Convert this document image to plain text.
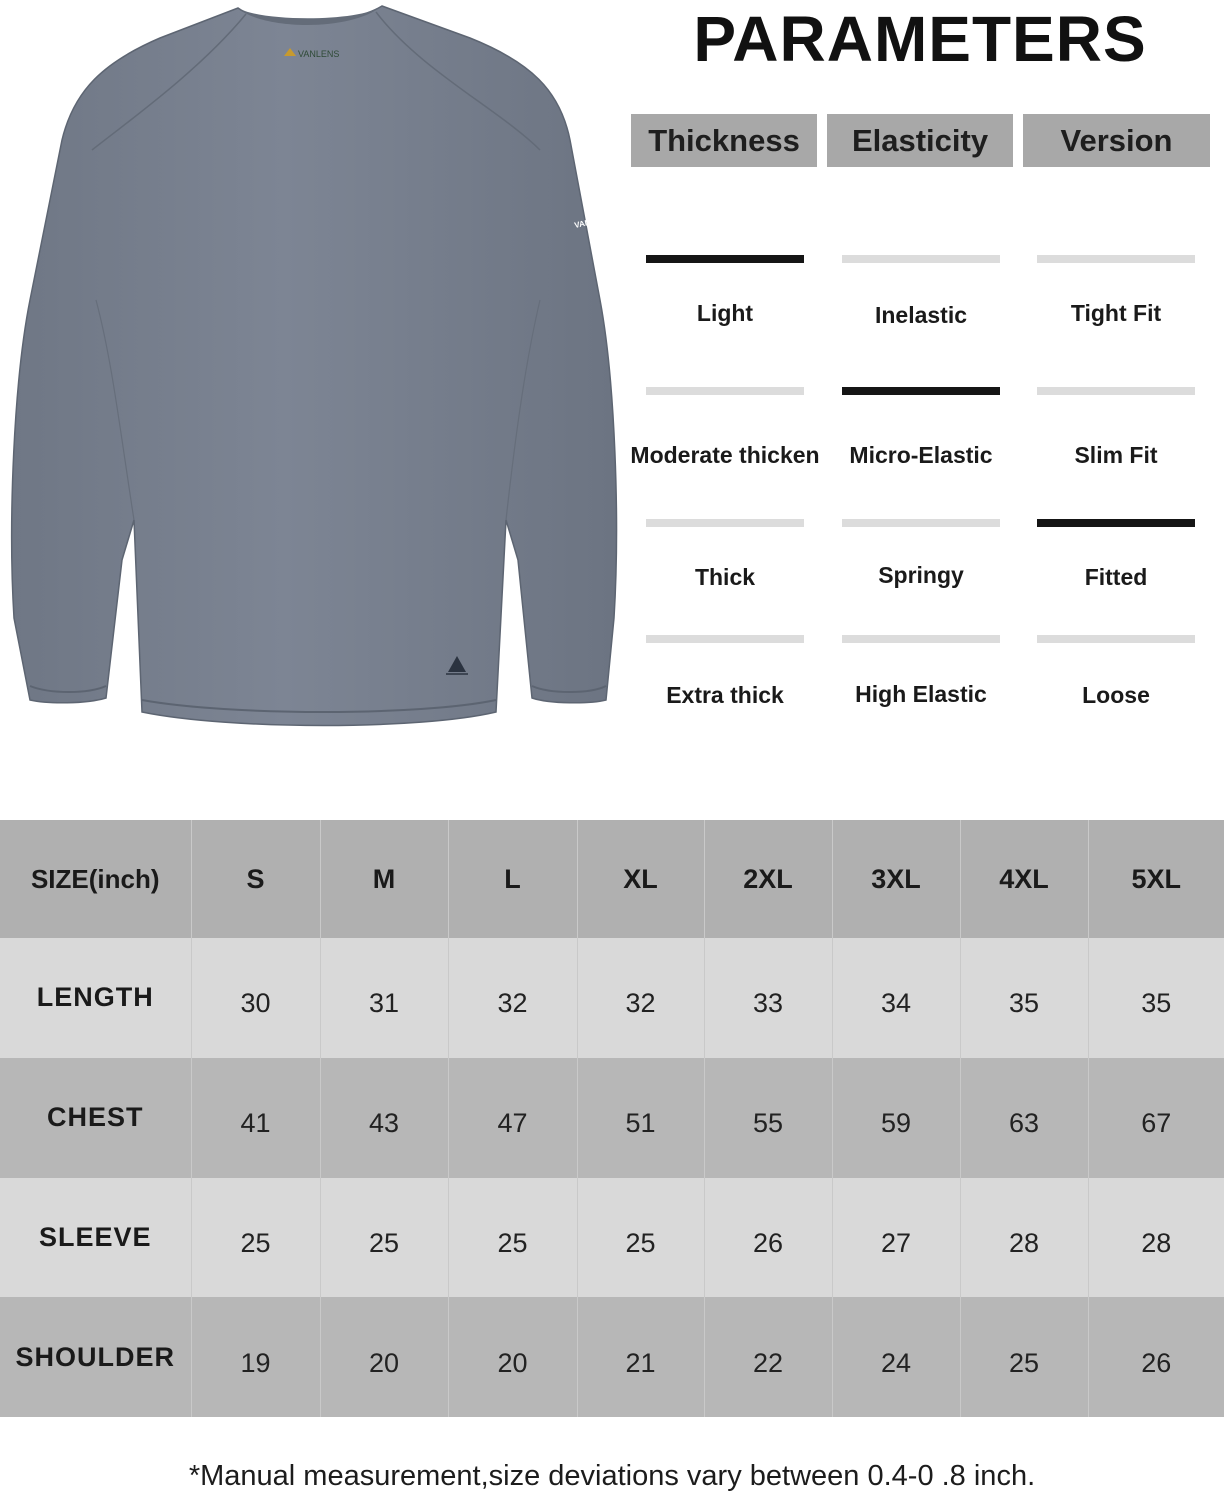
VANLENS
VANL
PARAMETERS
Thickness
Light
Moderate thicken
Thick
Extra thick
Elasticity
Inelastic
Micro-Elastic
Springy
High Elastic
Version
Tight Fit
Slim Fit
Fitted
Loose
SIZE(inch)	S	M	L	XL	2XL	3XL	4XL	5XL
LENGTH	30	31	32	32	33	34	35	35
CHEST	41	43	47	51	55	59	63	67
SLEEVE	25	25	25	25	26	27	28	28
SHOULDER	19	20	20	21	22	24	25	26

*Manual measurement,size deviations vary between 0.4-0 .8 inch.
